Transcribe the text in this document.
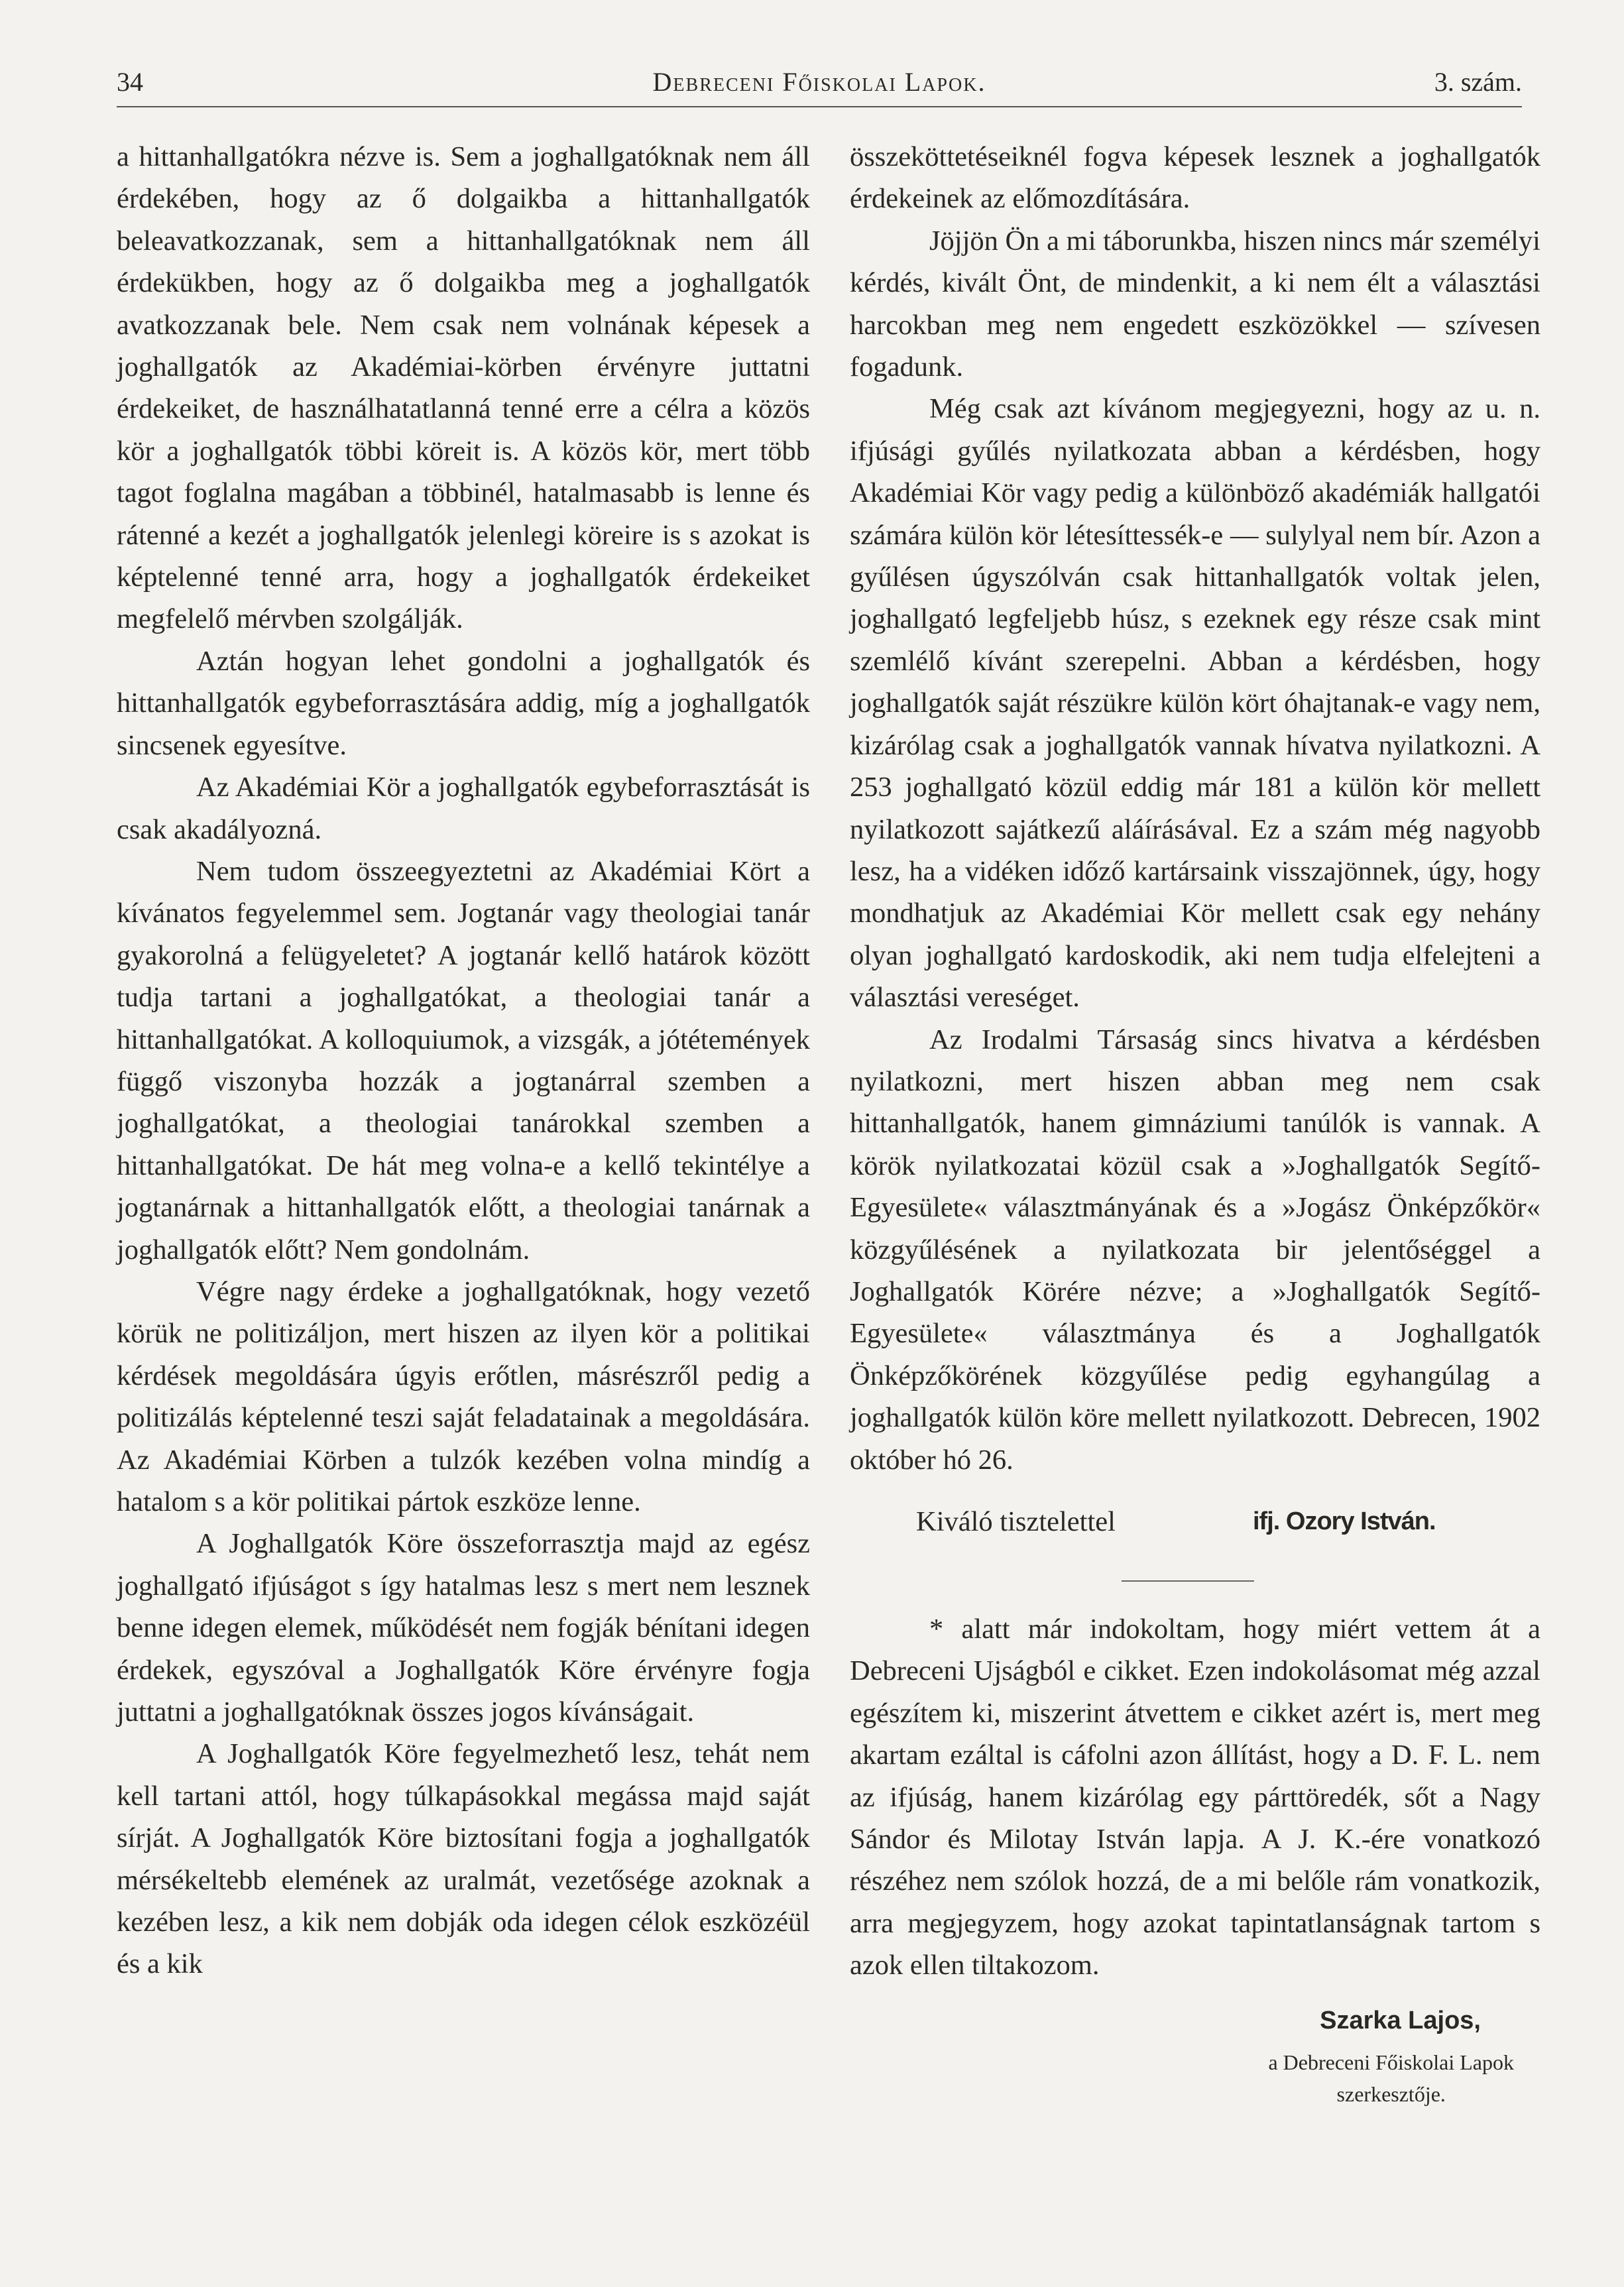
34	Debreceni Főiskolai Lapok.	3. szám.

a hittanhallgatókra nézve is. Sem a joghallgatóknak nem áll érdekében, hogy az ő dolgaikba a hittanhallgatók beleavatkozzanak, sem a hittanhallgatóknak nem áll érdekükben, hogy az ő dolgaikba meg a joghallgatók avatkozzanak bele. Nem csak nem volnának képesek a joghallgatók az Akadémiai-körben érvényre juttatni érdekeiket, de használhatatlanná tenné erre a célra a közös kör a joghallgatók többi köreit is. A közös kör, mert több tagot foglalna magában a többinél, hatalmasabb is lenne és rátenné a kezét a joghallgatók jelenlegi köreire is s azokat is képtelenné tenné arra, hogy a joghallgatók érdekeiket megfelelő mérvben szolgálják.

Aztán hogyan lehet gondolni a joghallgatók és hittanhallgatók egybeforrasztására addig, míg a joghallgatók sincsenek egyesítve.

Az Akadémiai Kör a joghallgatók egybeforrasztását is csak akadályozná.

Nem tudom összeegyeztetni az Akadémiai Kört a kívánatos fegyelemmel sem. Jogtanár vagy theologiai tanár gyakorolná a felügyeletet? A jogtanár kellő határok között tudja tartani a joghallgatókat, a theologiai tanár a hittanhallgatókat. A kolloquiumok, a vizsgák, a jótétemények függő viszonyba hozzák a jogtanárral szemben a joghallgatókat, a theologiai tanárokkal szemben a hittanhallgatókat. De hát meg volna-e a kellő tekintélye a jogtanárnak a hittanhallgatók előtt, a theologiai tanárnak a joghallgatók előtt? Nem gondolnám.

Végre nagy érdeke a joghallgatóknak, hogy vezető körük ne politizáljon, mert hiszen az ilyen kör a politikai kérdések megoldására úgyis erőtlen, másrészről pedig a politizálás képtelenné teszi saját feladatainak a megoldására. Az Akadémiai Körben a tulzók kezében volna mindíg a hatalom s a kör politikai pártok eszköze lenne.

A Joghallgatók Köre összeforrasztja majd az egész joghallgató ifjúságot s így hatalmas lesz s mert nem lesznek benne idegen elemek, működését nem fogják bénítani idegen érdekek, egyszóval a Joghallgatók Köre érvényre fogja juttatni a joghallgatóknak összes jogos kívánságait.

A Joghallgatók Köre fegyelmezhető lesz, tehát nem kell tartani attól, hogy túlkapásokkal megássa majd saját sírját. A Joghallgatók Köre biztosítani fogja a joghallgatók mérsékeltebb elemének az uralmát, vezetősége azoknak a kezében lesz, a kik nem dobják oda idegen célok eszközéül és a kik

összeköttetéseiknél fogva képesek lesznek a joghallgatók érdekeinek az előmozdítására.

Jöjjön Ön a mi táborunkba, hiszen nincs már személyi kérdés, kivált Önt, de mindenkit, a ki nem élt a választási harcokban meg nem engedett eszközökkel — szívesen fogadunk.

Még csak azt kívánom megjegyezni, hogy az u. n. ifjúsági gyűlés nyilatkozata abban a kérdésben, hogy Akadémiai Kör vagy pedig a különböző akadémiák hallgatói számára külön kör létesíttessék-e — sulylyal nem bír. Azon a gyűlésen úgyszólván csak hittanhallgatók voltak jelen, joghallgató legfeljebb húsz, s ezeknek egy része csak mint szemlélő kívánt szerepelni. Abban a kérdésben, hogy joghallgatók saját részükre külön kört óhajtanak-e vagy nem, kizárólag csak a joghallgatók vannak hívatva nyilatkozni. A 253 joghallgató közül eddig már 181 a külön kör mellett nyilatkozott sajátkezű aláírásával. Ez a szám még nagyobb lesz, ha a vidéken időző kartársaink visszajönnek, úgy, hogy mondhatjuk az Akadémiai Kör mellett csak egy nehány olyan joghallgató kardoskodik, aki nem tudja elfelejteni a választási vereséget.

Az Irodalmi Társaság sincs hivatva a kérdésben nyilatkozni, mert hiszen abban meg nem csak hittanhallgatók, hanem gimnáziumi tanúlók is vannak. A körök nyilatkozatai közül csak a »Joghallgatók Segítő-Egyesülete« választmányának és a »Jogász Önképzőkör« közgyűlésének a nyilatkozata bir jelentőséggel a Joghallgatók Körére nézve; a »Joghallgatók Segítő-Egyesülete« választmánya és a Joghallgatók Önképzőkörének közgyűlése pedig egyhangúlag a joghallgatók külön köre mellett nyilatkozott. Debrecen, 1902 október hó 26.

Kiváló tisztelettel	ifj. Ozory István.

* alatt már indokoltam, hogy miért vettem át a Debreceni Ujságból e cikket. Ezen indokolásomat még azzal egészítem ki, miszerint átvettem e cikket azért is, mert meg akartam ezáltal is cáfolni azon állítást, hogy a D. F. L. nem az ifjúság, hanem kizárólag egy párttöredék, sőt a Nagy Sándor és Milotay István lapja. A J. K.-ére vonatkozó részéhez nem szólok hozzá, de a mi belőle rám vonatkozik, arra megjegyzem, hogy azokat tapintatlanságnak tartom s azok ellen tiltakozom.

Szarka Lajos,
a Debreceni Főiskolai Lapok
szerkesztője.
